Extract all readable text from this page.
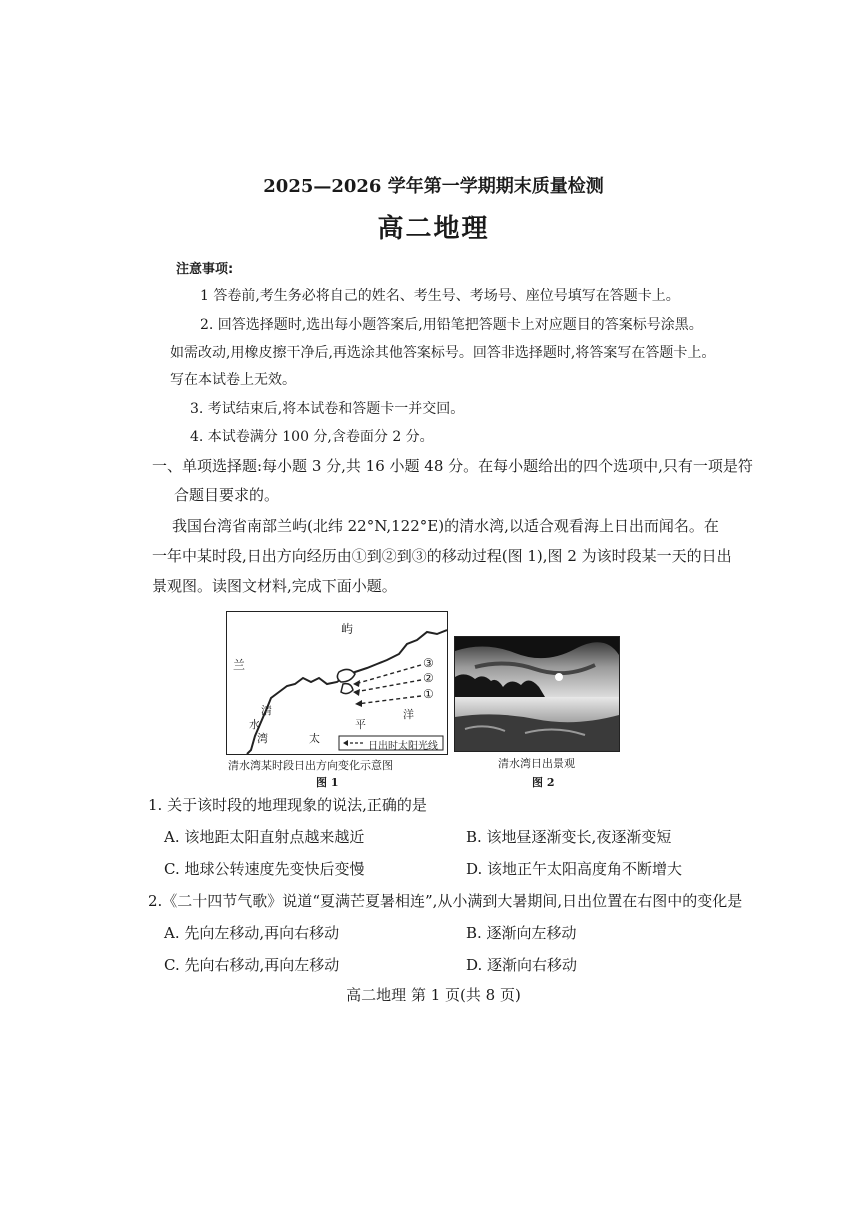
2025—2026 学年第一学期期末质量检测
高二地理
注意事项:
1 答卷前,考生务必将自己的姓名、考生号、考场号、座位号填写在答题卡上。
2. 回答选择题时,选出每小题答案后,用铅笔把答题卡上对应题目的答案标号涂黑。
如需改动,用橡皮擦干净后,再选涂其他答案标号。回答非选择题时,将答案写在答题卡上。
写在本试卷上无效。
3. 考试结束后,将本试卷和答题卡一并交回。
4. 本试卷满分 100 分,含卷面分 2 分。
一、单项选择题:每小题 3 分,共 16 小题 48 分。在每小题给出的四个选项中,只有一项是符
合题目要求的。
我国台湾省南部兰屿(北纬 22°N,122°E)的清水湾,以适合观看海上日出而闻名。在
一年中某时段,日出方向经历由①到②到③的移动过程(图 1),图 2 为该时段某一天的日出
景观图。读图文材料,完成下面小题。
屿
兰
清
水
湾	太
平
洋
③
②
①
日出时太阳光线
清水湾某时段日出方向变化示意图
图 1
清水湾日出景观
图 2
1. 关于该时段的地理现象的说法,正确的是
A. 该地距太阳直射点越来越近	B. 该地昼逐渐变长,夜逐渐变短
C. 地球公转速度先变快后变慢	D. 该地正午太阳高度角不断增大
2.《二十四节气歌》说道“夏满芒夏暑相连”,从小满到大暑期间,日出位置在右图中的变化是
A. 先向左移动,再向右移动	B. 逐渐向左移动
C. 先向右移动,再向左移动	D. 逐渐向右移动
高二地理 第 1 页(共 8 页)
